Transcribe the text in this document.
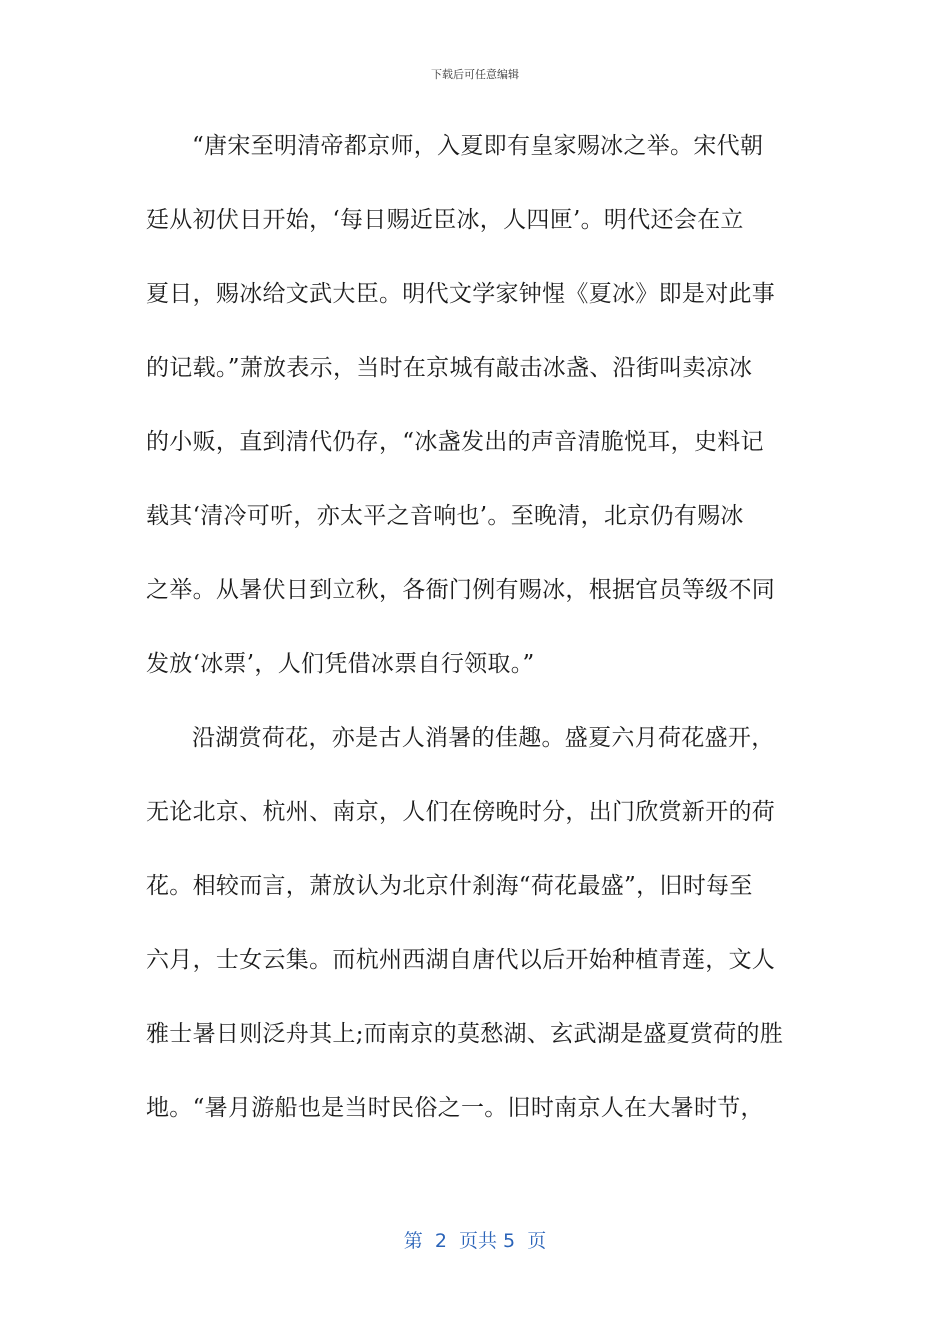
下载后可任意编辑
“唐宋至明清帝都京师，入夏即有皇家赐冰之举。宋代朝
廷从初伏日开始，‘每日赐近臣冰，人四匣’。明代还会在立
夏日，赐冰给文武大臣。明代文学家钟惺《夏冰》即是对此事
的记载。”萧放表示，当时在京城有敲击冰盏、沿街叫卖凉冰
的小贩，直到清代仍存，“冰盏发出的声音清脆悦耳，史料记
载其‘清冷可听，亦太平之音响也’。至晚清，北京仍有赐冰
之举。从暑伏日到立秋，各衙门例有赐冰，根据官员等级不同
发放‘冰票’，人们凭借冰票自行领取。”
沿湖赏荷花，亦是古人消暑的佳趣。盛夏六月荷花盛开，
无论北京、杭州、南京，人们在傍晚时分，出门欣赏新开的荷
花。相较而言，萧放认为北京什刹海“荷花最盛”，旧时每至
六月，士女云集。而杭州西湖自唐代以后开始种植青莲，文人
雅士暑日则泛舟其上;而南京的莫愁湖、玄武湖是盛夏赏荷的胜
地。“暑月游船也是当时民俗之一。旧时南京人在大暑时节，
第  2  页共 5  页
